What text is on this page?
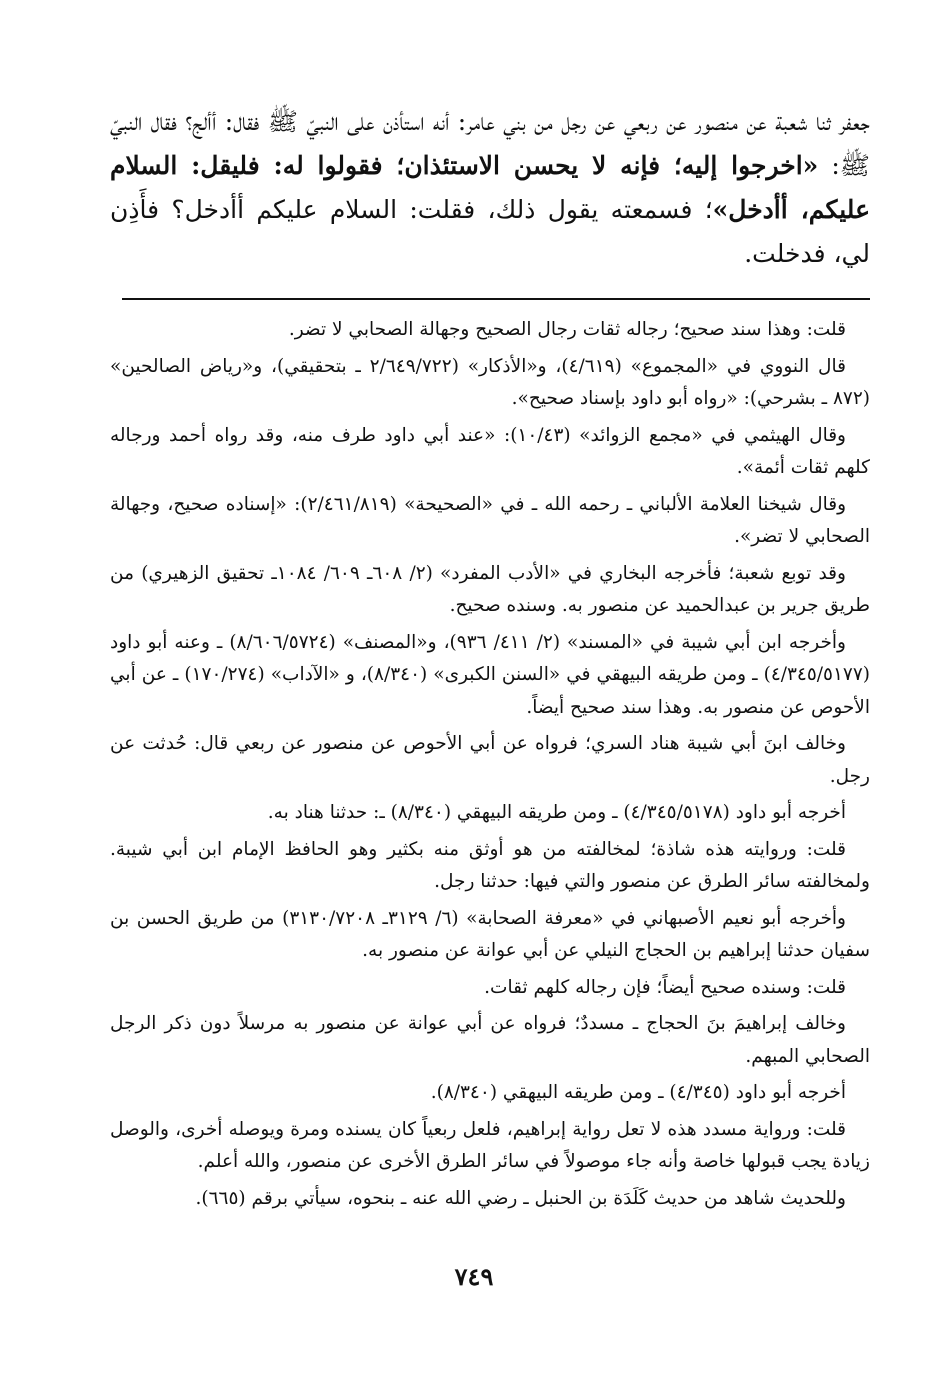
جعفر ثنا شعبة عن منصور عن ربعي عن رجل من بني عامر: أنه استأذن على النبيّ ﷺ فقال: أألج؟ فقال النبيّ ﷺ: «اخرجوا إليه؛ فإنه لا يحسن الاستئذان؛ فقولوا له: فليقل: السلام عليكم، أأدخل»؛ فسمعته يقول ذلك، فقلت: السلام عليكم أأدخل؟ فأَذِن لي، فدخلت.

قلت: وهذا سند صحيح؛ رجاله ثقات رجال الصحيح وجهالة الصحابي لا تضر.

قال النووي في «المجموع» (٤/٦١٩)، و«الأذكار» (٢/٦٤٩/٧٢٢ ـ بتحقيقي)، و«رياض الصالحين» (٨٧٢ ـ بشرحي): «رواه أبو داود بإسناد صحيح».

وقال الهيثمي في «مجمع الزوائد» (١٠/٤٣): «عند أبي داود طرف منه، وقد رواه أحمد ورجاله كلهم ثقات أئمة».

وقال شيخنا العلامة الألباني ـ رحمه الله ـ في «الصحيحة» (٢/٤٦١/٨١٩): «إسناده صحيح، وجهالة الصحابي لا تضر».

وقد توبع شعبة؛ فأخرجه البخاري في «الأدب المفرد» (٢/ ٦٠٨ـ ٦٠٩/ ١٠٨٤ـ تحقيق الزهيري) من طريق جرير بن عبدالحميد عن منصور به. وسنده صحيح.

وأخرجه ابن أبي شيبة في «المسند» (٢/ ٤١١/ ٩٣٦)، و«المصنف» (٨/٦٠٦/٥٧٢٤) ـ وعنه أبو داود (٤/٣٤٥/٥١٧٧) ـ ومن طريقه البيهقي في «السنن الكبرى» (٨/٣٤٠)، و «الآداب» (١٧٠/٢٧٤) ـ عن أبي الأحوص عن منصور به. وهذا سند صحيح أيضاً.

وخالف ابنَ أبي شيبة هناد السري؛ فرواه عن أبي الأحوص عن منصور عن ربعي قال: حُدثت عن رجل.

أخرجه أبو داود (٤/٣٤٥/٥١٧٨) ـ ومن طريقه البيهقي (٨/٣٤٠) ـ: حدثنا هناد به.

قلت: وروايته هذه شاذة؛ لمخالفته من هو أوثق منه بكثير وهو الحافظ الإمام ابن أبي شيبة. ولمخالفته سائر الطرق عن منصور والتي فيها: حدثنا رجل.

وأخرجه أبو نعيم الأصبهاني في «معرفة الصحابة» (٦/ ٣١٢٩ـ ٣١٣٠/٧٢٠٨) من طريق الحسن بن سفيان حدثنا إبراهيم بن الحجاج النيلي عن أبي عوانة عن منصور به.

قلت: وسنده صحيح أيضاً؛ فإن رجاله كلهم ثقات.

وخالف إبراهيمَ بنَ الحجاج ـ مسددٌ؛ فرواه عن أبي عوانة عن منصور به مرسلاً دون ذكر الرجل الصحابي المبهم.

أخرجه أبو داود (٤/٣٤٥) ـ ومن طريقه البيهقي (٨/٣٤٠).

قلت: ورواية مسدد هذه لا تعل رواية إبراهيم، فلعل ربعياً كان يسنده ومرة ويوصله أخرى، والوصل زيادة يجب قبولها خاصة وأنه جاء موصولاً في سائر الطرق الأخرى عن منصور، والله أعلم.

وللحديث شاهد من حديث كَلَدَة بن الحنبل ـ رضي الله عنه ـ بنحوه، سيأتي برقم (٦٦٥).

٧٤٩
